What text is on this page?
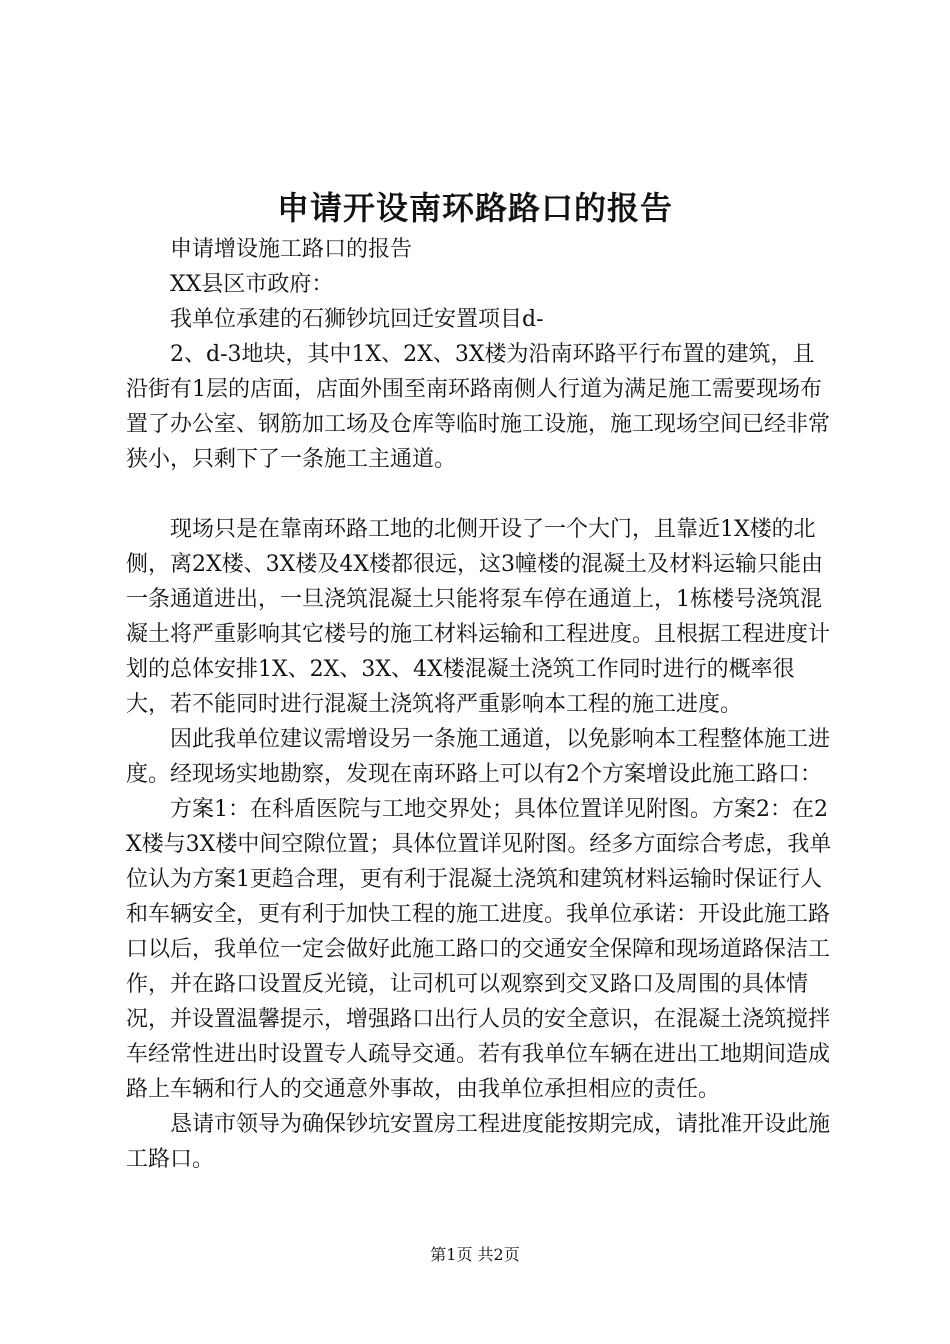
申请开设南环路路口的报告

申请增设施工路口的报告

XX县区市政府：

我单位承建的石狮钞坑回迁安置项目d-

2、d-3地块，其中1X、2X、3X楼为沿南环路平行布置的建筑，且沿街有1层的店面，店面外围至南环路南侧人行道为满足施工需要现场布置了办公室、钢筋加工场及仓库等临时施工设施，施工现场空间已经非常狭小，只剩下了一条施工主通道。

现场只是在靠南环路工地的北侧开设了一个大门，且靠近1X楼的北侧，离2X楼、3X楼及4X楼都很远，这3幢楼的混凝土及材料运输只能由一条通道进出，一旦浇筑混凝土只能将泵车停在通道上，1栋楼号浇筑混凝土将严重影响其它楼号的施工材料运输和工程进度。且根据工程进度计划的总体安排1X、2X、3X、4X楼混凝土浇筑工作同时进行的概率很大，若不能同时进行混凝土浇筑将严重影响本工程的施工进度。

因此我单位建议需增设另一条施工通道，以免影响本工程整体施工进度。经现场实地勘察，发现在南环路上可以有2个方案增设此施工路口：

方案1：在科盾医院与工地交界处；具体位置详见附图。方案2：在2X楼与3X楼中间空隙位置；具体位置详见附图。经多方面综合考虑，我单位认为方案1更趋合理，更有利于混凝土浇筑和建筑材料运输时保证行人和车辆安全，更有利于加快工程的施工进度。我单位承诺：开设此施工路口以后，我单位一定会做好此施工路口的交通安全保障和现场道路保洁工作，并在路口设置反光镜，让司机可以观察到交叉路口及周围的具体情况，并设置温馨提示，增强路口出行人员的安全意识，在混凝土浇筑搅拌车经常性进出时设置专人疏导交通。若有我单位车辆在进出工地期间造成路上车辆和行人的交通意外事故，由我单位承担相应的责任。

恳请市领导为确保钞坑安置房工程进度能按期完成，请批准开设此施工路口。

第1页 共2页
